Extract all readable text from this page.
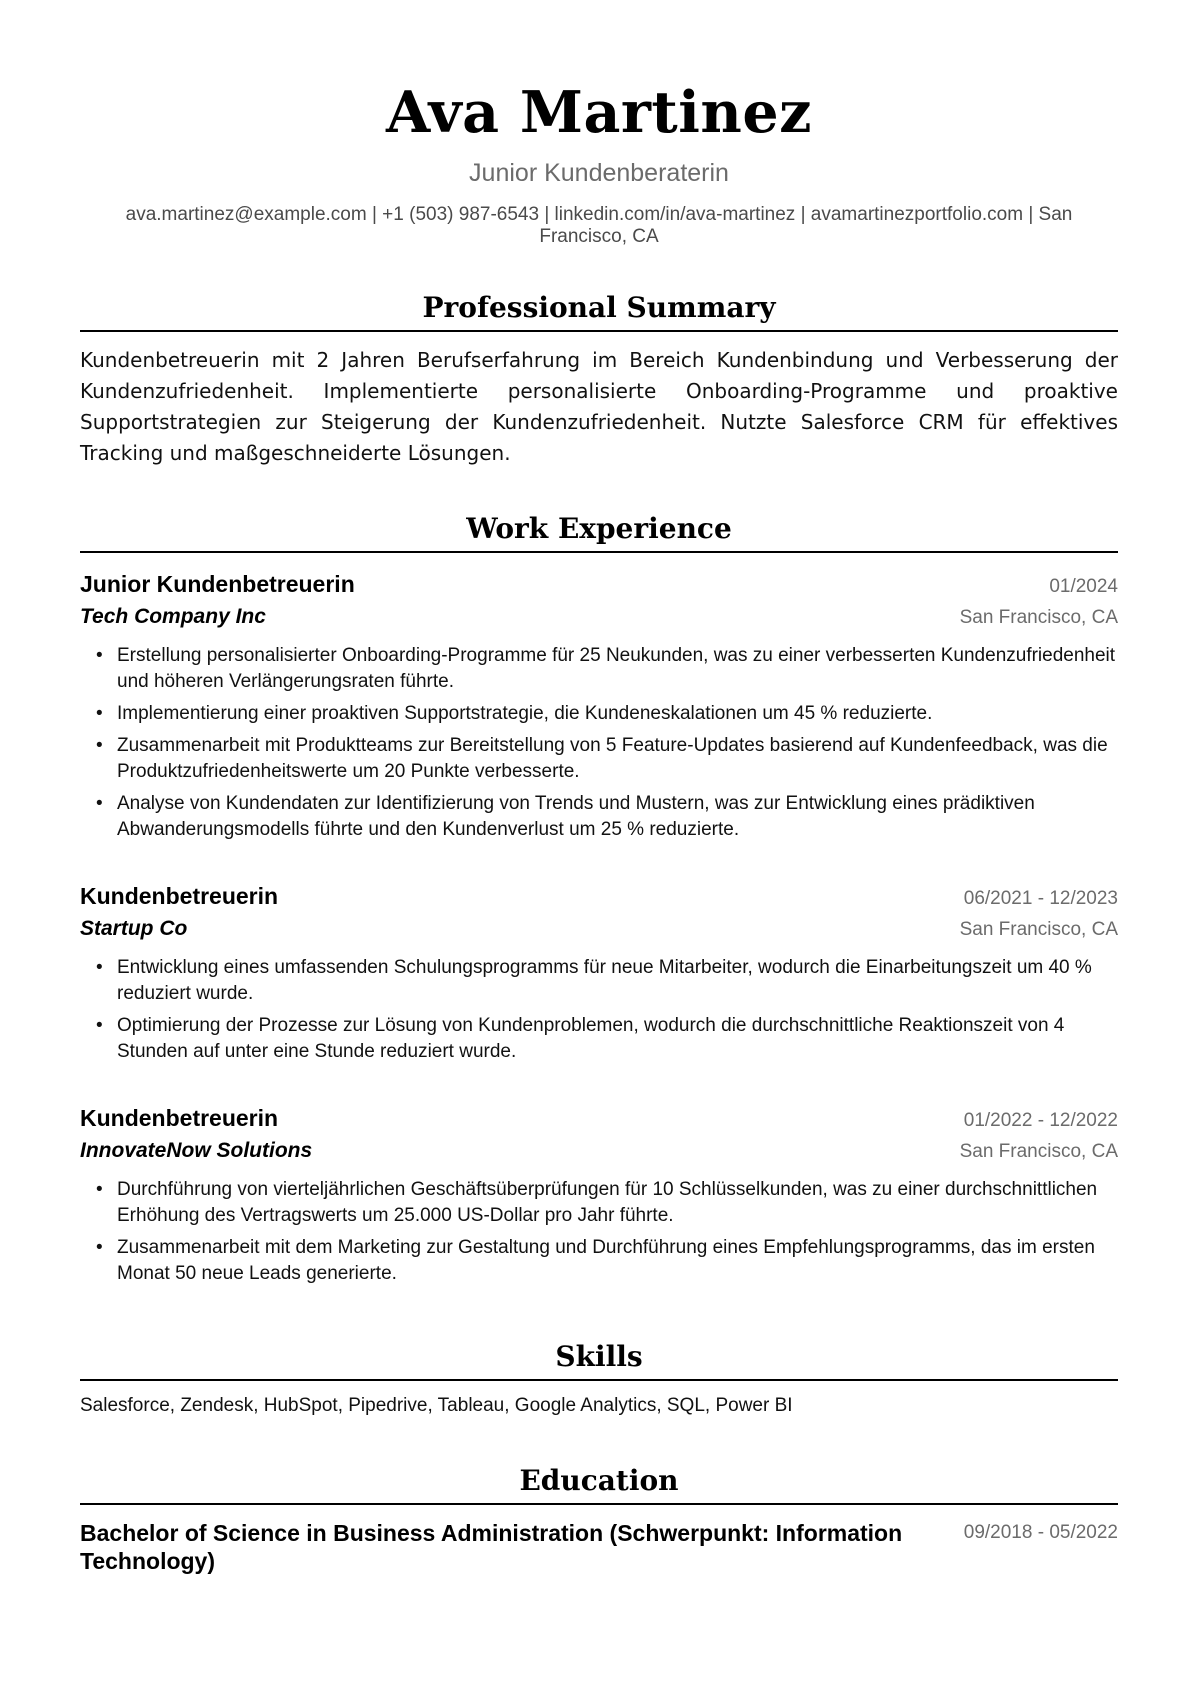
Ava Martinez
Junior Kundenberaterin
ava.martinez@example.com | +1 (503) 987-6543 | linkedin.com/in/ava-martinez | avamartinezportfolio.com | San Francisco, CA
Professional Summary
Kundenbetreuerin mit 2 Jahren Berufserfahrung im Bereich Kundenbindung und Verbesserung der Kundenzufriedenheit. Implementierte personalisierte Onboarding-Programme und proaktive Supportstrategien zur Steigerung der Kundenzufriedenheit. Nutzte Salesforce CRM für effektives Tracking und maßgeschneiderte Lösungen.
Work Experience
Junior Kundenbetreuerin	01/2024
Tech Company Inc	San Francisco, CA
• Erstellung personalisierter Onboarding-Programme für 25 Neukunden, was zu einer verbesserten Kundenzufriedenheit und höheren Verlängerungsraten führte.
• Implementierung einer proaktiven Supportstrategie, die Kundeneskalationen um 45 % reduzierte.
• Zusammenarbeit mit Produktteams zur Bereitstellung von 5 Feature-Updates basierend auf Kundenfeedback, was die Produktzufriedenheitswerte um 20 Punkte verbesserte.
• Analyse von Kundendaten zur Identifizierung von Trends und Mustern, was zur Entwicklung eines prädiktiven Abwanderungsmodells führte und den Kundenverlust um 25 % reduzierte.
Kundenbetreuerin	06/2021 - 12/2023
Startup Co	San Francisco, CA
• Entwicklung eines umfassenden Schulungsprogramms für neue Mitarbeiter, wodurch die Einarbeitungszeit um 40 % reduziert wurde.
• Optimierung der Prozesse zur Lösung von Kundenproblemen, wodurch die durchschnittliche Reaktionszeit von 4 Stunden auf unter eine Stunde reduziert wurde.
Kundenbetreuerin	01/2022 - 12/2022
InnovateNow Solutions	San Francisco, CA
• Durchführung von vierteljährlichen Geschäftsüberprüfungen für 10 Schlüsselkunden, was zu einer durchschnittlichen Erhöhung des Vertragswerts um 25.000 US-Dollar pro Jahr führte.
• Zusammenarbeit mit dem Marketing zur Gestaltung und Durchführung eines Empfehlungsprogramms, das im ersten Monat 50 neue Leads generierte.
Skills
Salesforce, Zendesk, HubSpot, Pipedrive, Tableau, Google Analytics, SQL, Power BI
Education
Bachelor of Science in Business Administration (Schwerpunkt: Information Technology)
09/2018 - 05/2022
